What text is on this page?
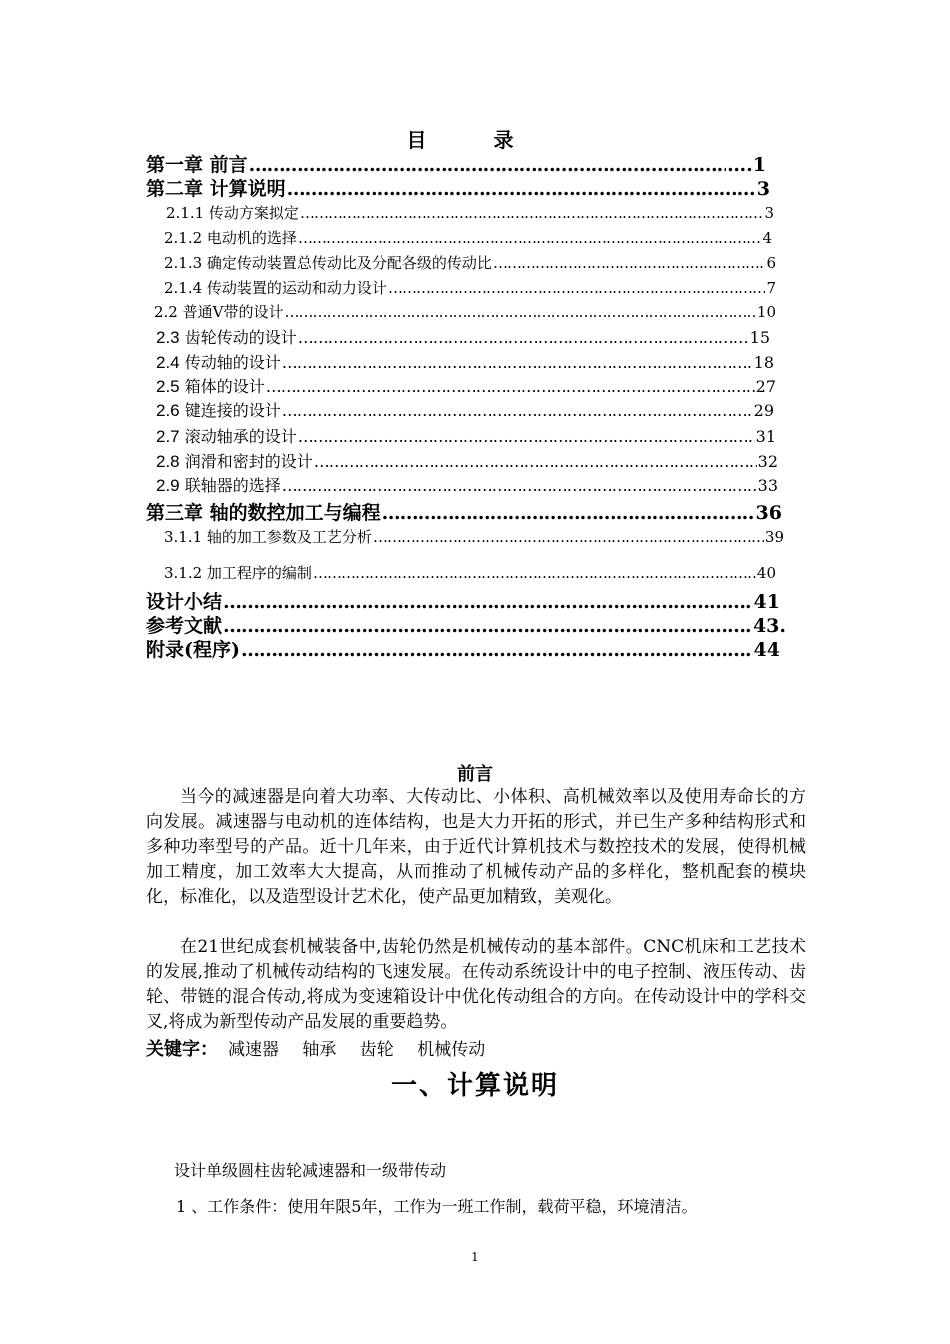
目 录
第一章 前言 ……………………………………………………………………………………………………………………………………………………………………………………	….1
第二章 计算说明 ……………………………………………………………………………………………………………………………………………………………………………………	3
2.1.1 传动方案拟定 ……………………………………………………………………………………………………………………………………………………………………………………	3
2.1.2 电动机的选择 ……………………………………………………………………………………………………………………………………………………………………………………	4
2.1.3 确定传动装置总传动比及分配各级的传动比 ……………………………………………………………………………………………………………………………………………………………………………………	6
2.1.4 传动装置的运动和动力设计 ……………………………………………………………………………………………………………………………………………………………………………………	7
2.2 普通V带的设计 ……………………………………………………………………………………………………………………………………………………………………………………	10
2.3 齿轮传动的设计 ……………………………………………………………………………………………………………………………………………………………………………………	15
2.4 传动轴的设计 ……………………………………………………………………………………………………………………………………………………………………………………	18
2.5 箱体的设计 ……………………………………………………………………………………………………………………………………………………………………………………	27
2.6 键连接的设计 ……………………………………………………………………………………………………………………………………………………………………………………	29
2.7 滚动轴承的设计 ……………………………………………………………………………………………………………………………………………………………………………………	31
2.8 润滑和密封的设计 ……………………………………………………………………………………………………………………………………………………………………………………	32
2.9 联轴器的选择 ……………………………………………………………………………………………………………………………………………………………………………………	33
第三章 轴的数控加工与编程 ……………………………………………………………………………………………………………………………………………………………………………………	36
3.1.1 轴的加工参数及工艺分析 ……………………………………………………………………………………………………………………………………………………………………………………	39
3.1.2 加工程序的编制 ……………………………………………………………………………………………………………………………………………………………………………………	40
设计小结 ……………………………………………………………………………………………………………………………………………………………………………………	41
参考文献 ……………………………………………………………………………………………………………………………………………………………………………………	43.
附录(程序) ……………………………………………………………………………………………………………………………………………………………………………………	44
前言
当今的减速器是向着大功率、大传动比、小体积、高机械效率以及使用寿命长的方向发展。减速器与电动机的连体结构，也是大力开拓的形式，并已生产多种结构形式和多种功率型号的产品。近十几年来，由于近代计算机技术与数控技术的发展，使得机械加工精度，加工效率大大提高，从而推动了机械传动产品的多样化，整机配套的模块化，标准化，以及造型设计艺术化，使产品更加精致，美观化。
在21世纪成套机械装备中,齿轮仍然是机械传动的基本部件。CNC机床和工艺技术的发展,推动了机械传动结构的飞速发展。在传动系统设计中的电子控制、液压传动、齿轮、带链的混合传动,将成为变速箱设计中优化传动组合的方向。在传动设计中的学科交叉,将成为新型传动产品发展的重要趋势。
关键字： 减速器 轴承 齿轮 机械传动
一、计算说明
设计单级圆柱齿轮减速器和一级带传动
1 、工作条件：使用年限5年，工作为一班工作制，载荷平稳，环境清洁。
1
